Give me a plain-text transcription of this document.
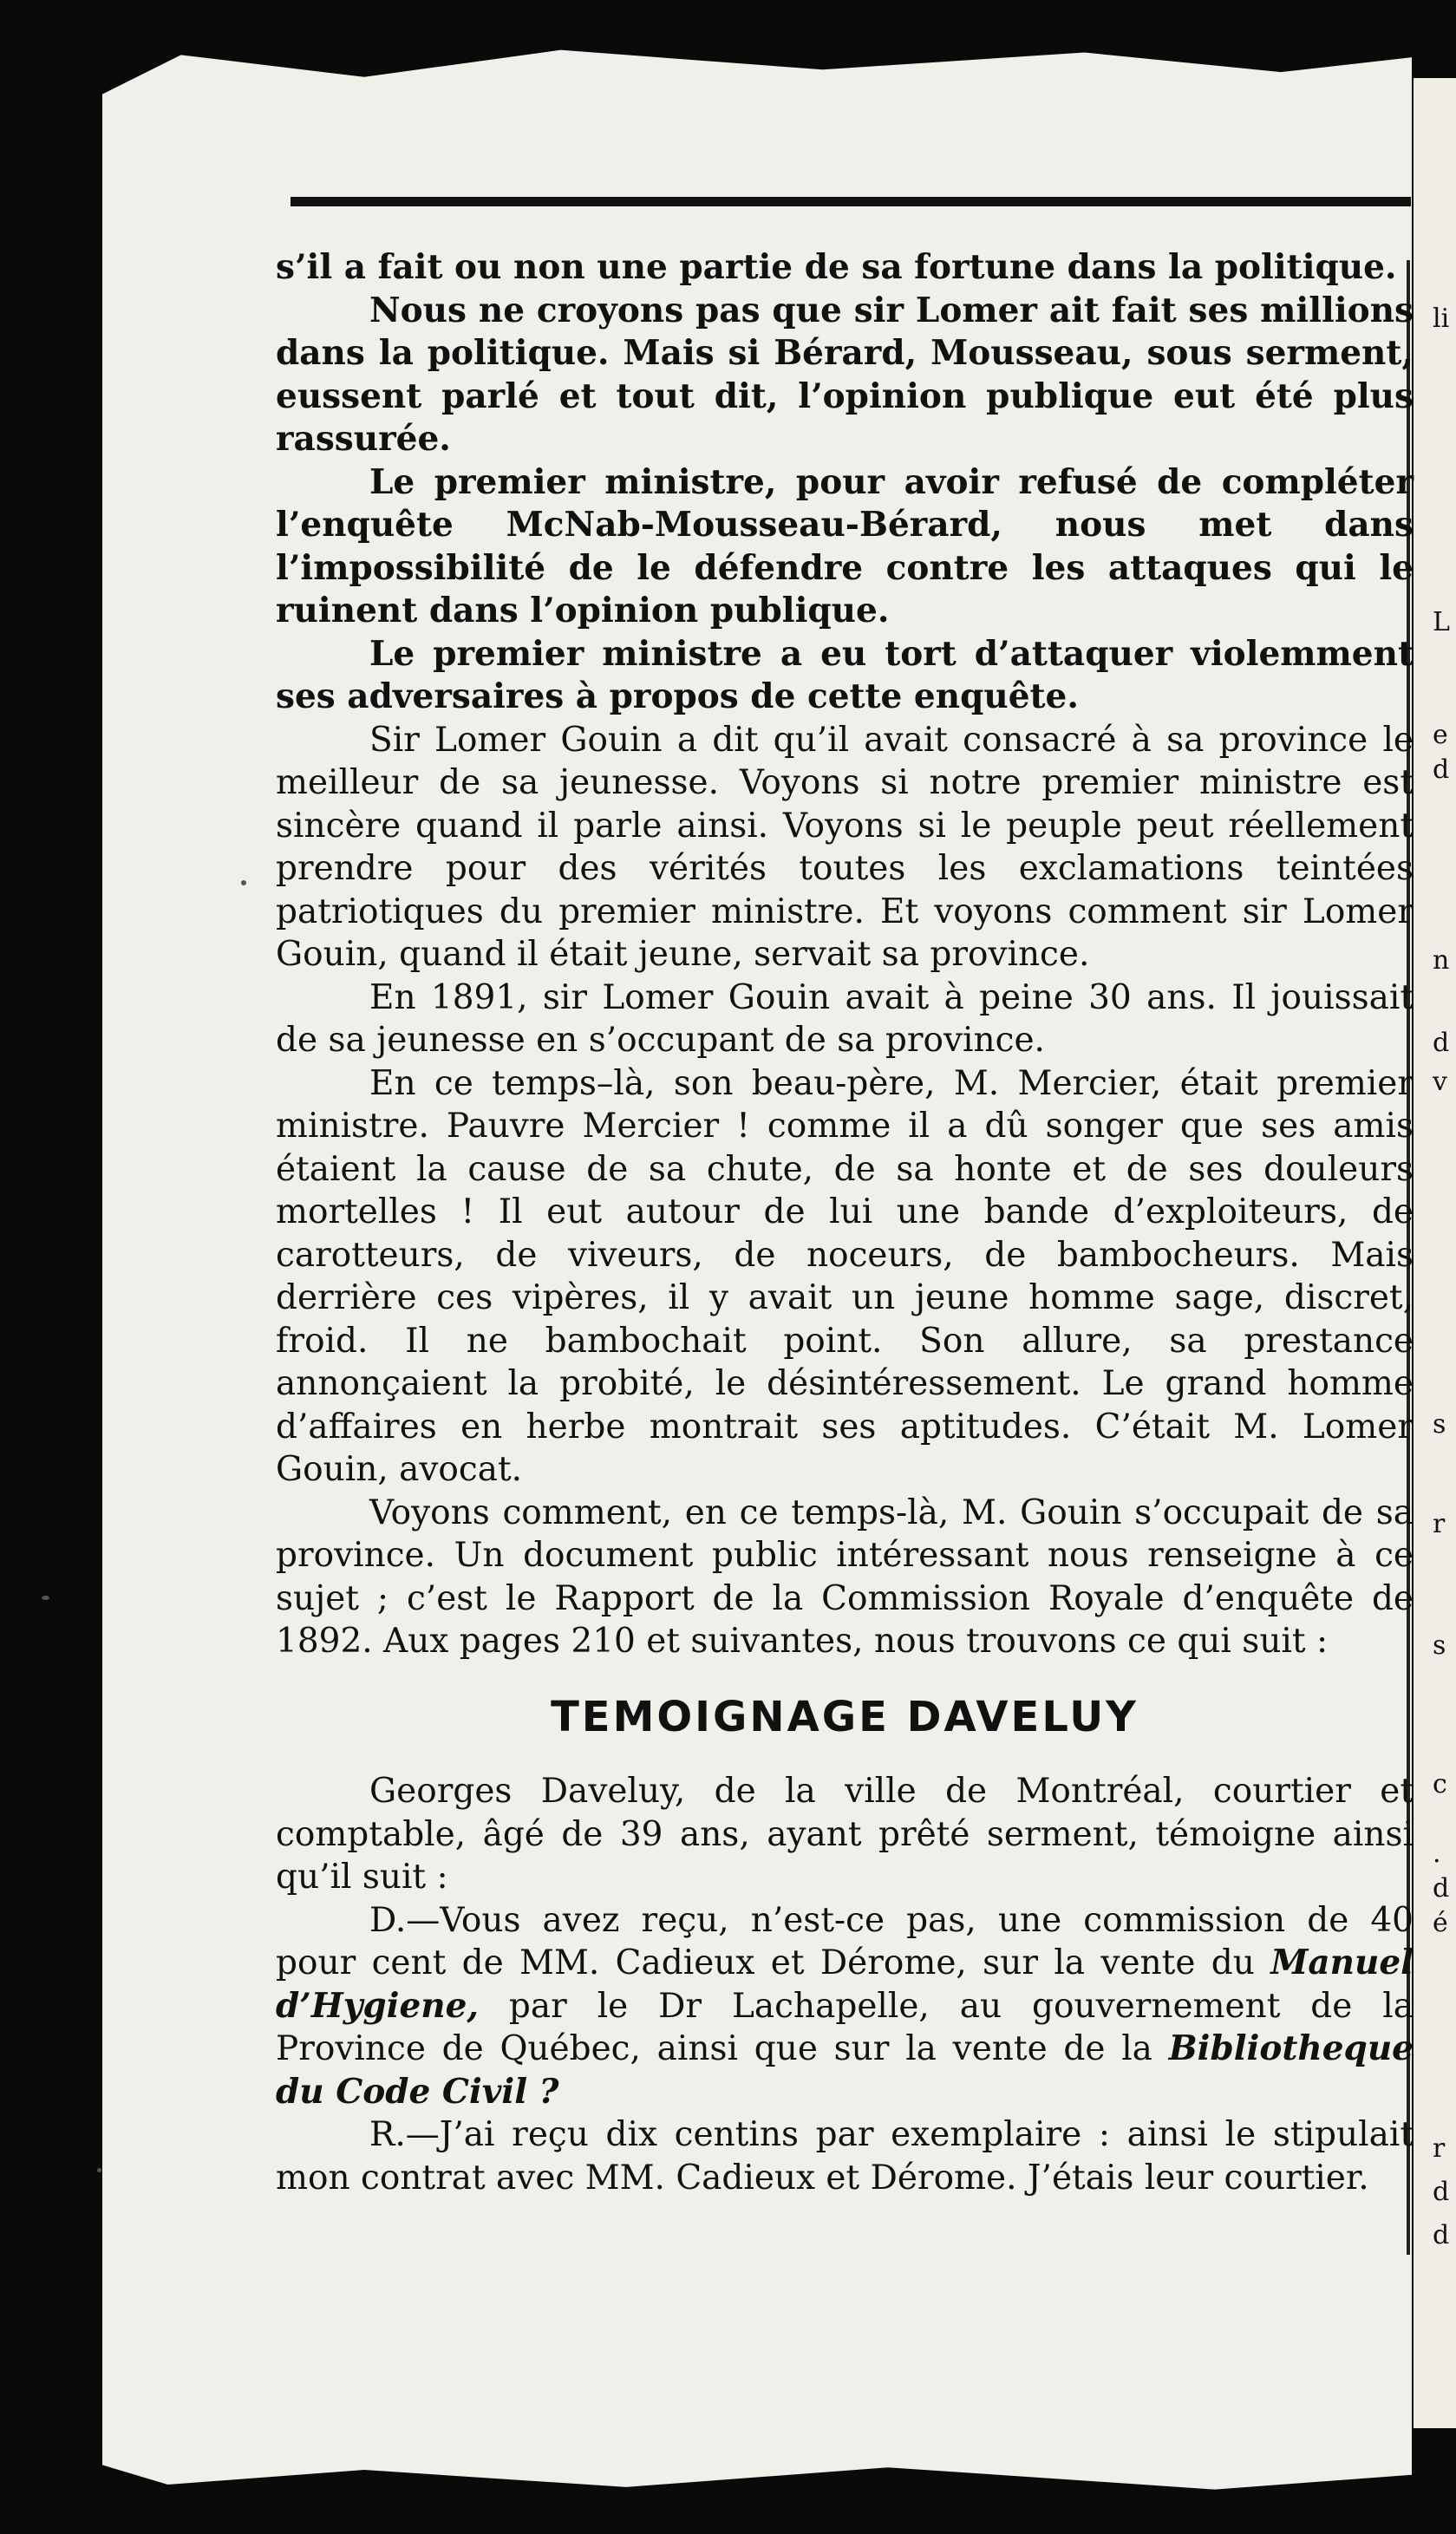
li
L
e
d
n
d
v
s
r
s
c
.
d
é
r
d
d

s’il a fait ou non une partie de sa fortune dans la politique.

Nous ne croyons pas que sir Lomer ait fait ses millions dans la politique. Mais si Bérard, Mousseau, sous serment, eussent parlé et tout dit, l’opinion publique eut été plus rassurée.

Le premier ministre, pour avoir refusé de compléter l’enquête McNab-Mousseau-Bérard, nous met dans l’impossibilité de le défendre contre les attaques qui le ruinent dans l’opinion publique.

Le premier ministre a eu tort d’attaquer violemment ses adversaires à propos de cette enquête.

Sir Lomer Gouin a dit qu’il avait consacré à sa province le meilleur de sa jeunesse. Voyons si notre premier ministre est sincère quand il parle ainsi. Voyons si le peuple peut réellement prendre pour des vérités toutes les exclamations teintées patriotiques du premier ministre. Et voyons comment sir Lomer Gouin, quand il était jeune, servait sa province.

En 1891, sir Lomer Gouin avait à peine 30 ans. Il jouissait de sa jeunesse en s’occupant de sa province.

En ce temps–là, son beau-père, M. Mercier, était premier ministre. Pauvre Mercier ! comme il a dû songer que ses amis étaient la cause de sa chute, de sa honte et de ses douleurs mortelles ! Il eut autour de lui une bande d’exploiteurs, de carotteurs, de viveurs, de noceurs, de bambocheurs. Mais derrière ces vipères, il y avait un jeune homme sage, discret, froid. Il ne bambochait point. Son allure, sa prestance annonçaient la probité, le désintéressement. Le grand homme d’affaires en herbe montrait ses aptitudes. C’était M. Lomer Gouin, avocat.

Voyons comment, en ce temps-là, M. Gouin s’occupait de sa province. Un document public intéressant nous renseigne à ce sujet ; c’est le Rapport de la Commission Royale d’enquête de 1892. Aux pages 210 et suivantes, nous trouvons ce qui suit :

TEMOIGNAGE DAVELUY

Georges Daveluy, de la ville de Montréal, courtier et comptable, âgé de 39 ans, ayant prêté serment, témoigne ainsi qu’il suit :

D.—Vous avez reçu, n’est-ce pas, une commission de 40 pour cent de MM. Cadieux et Dérome, sur la vente du Manuel d’Hygiene, par le Dr Lachapelle, au gouvernement de la Province de Québec, ainsi que sur la vente de la Bibliotheque du Code Civil ?

R.—J’ai reçu dix centins par exemplaire : ainsi le stipulait mon contrat avec MM. Cadieux et Dérome. J’étais leur courtier.
